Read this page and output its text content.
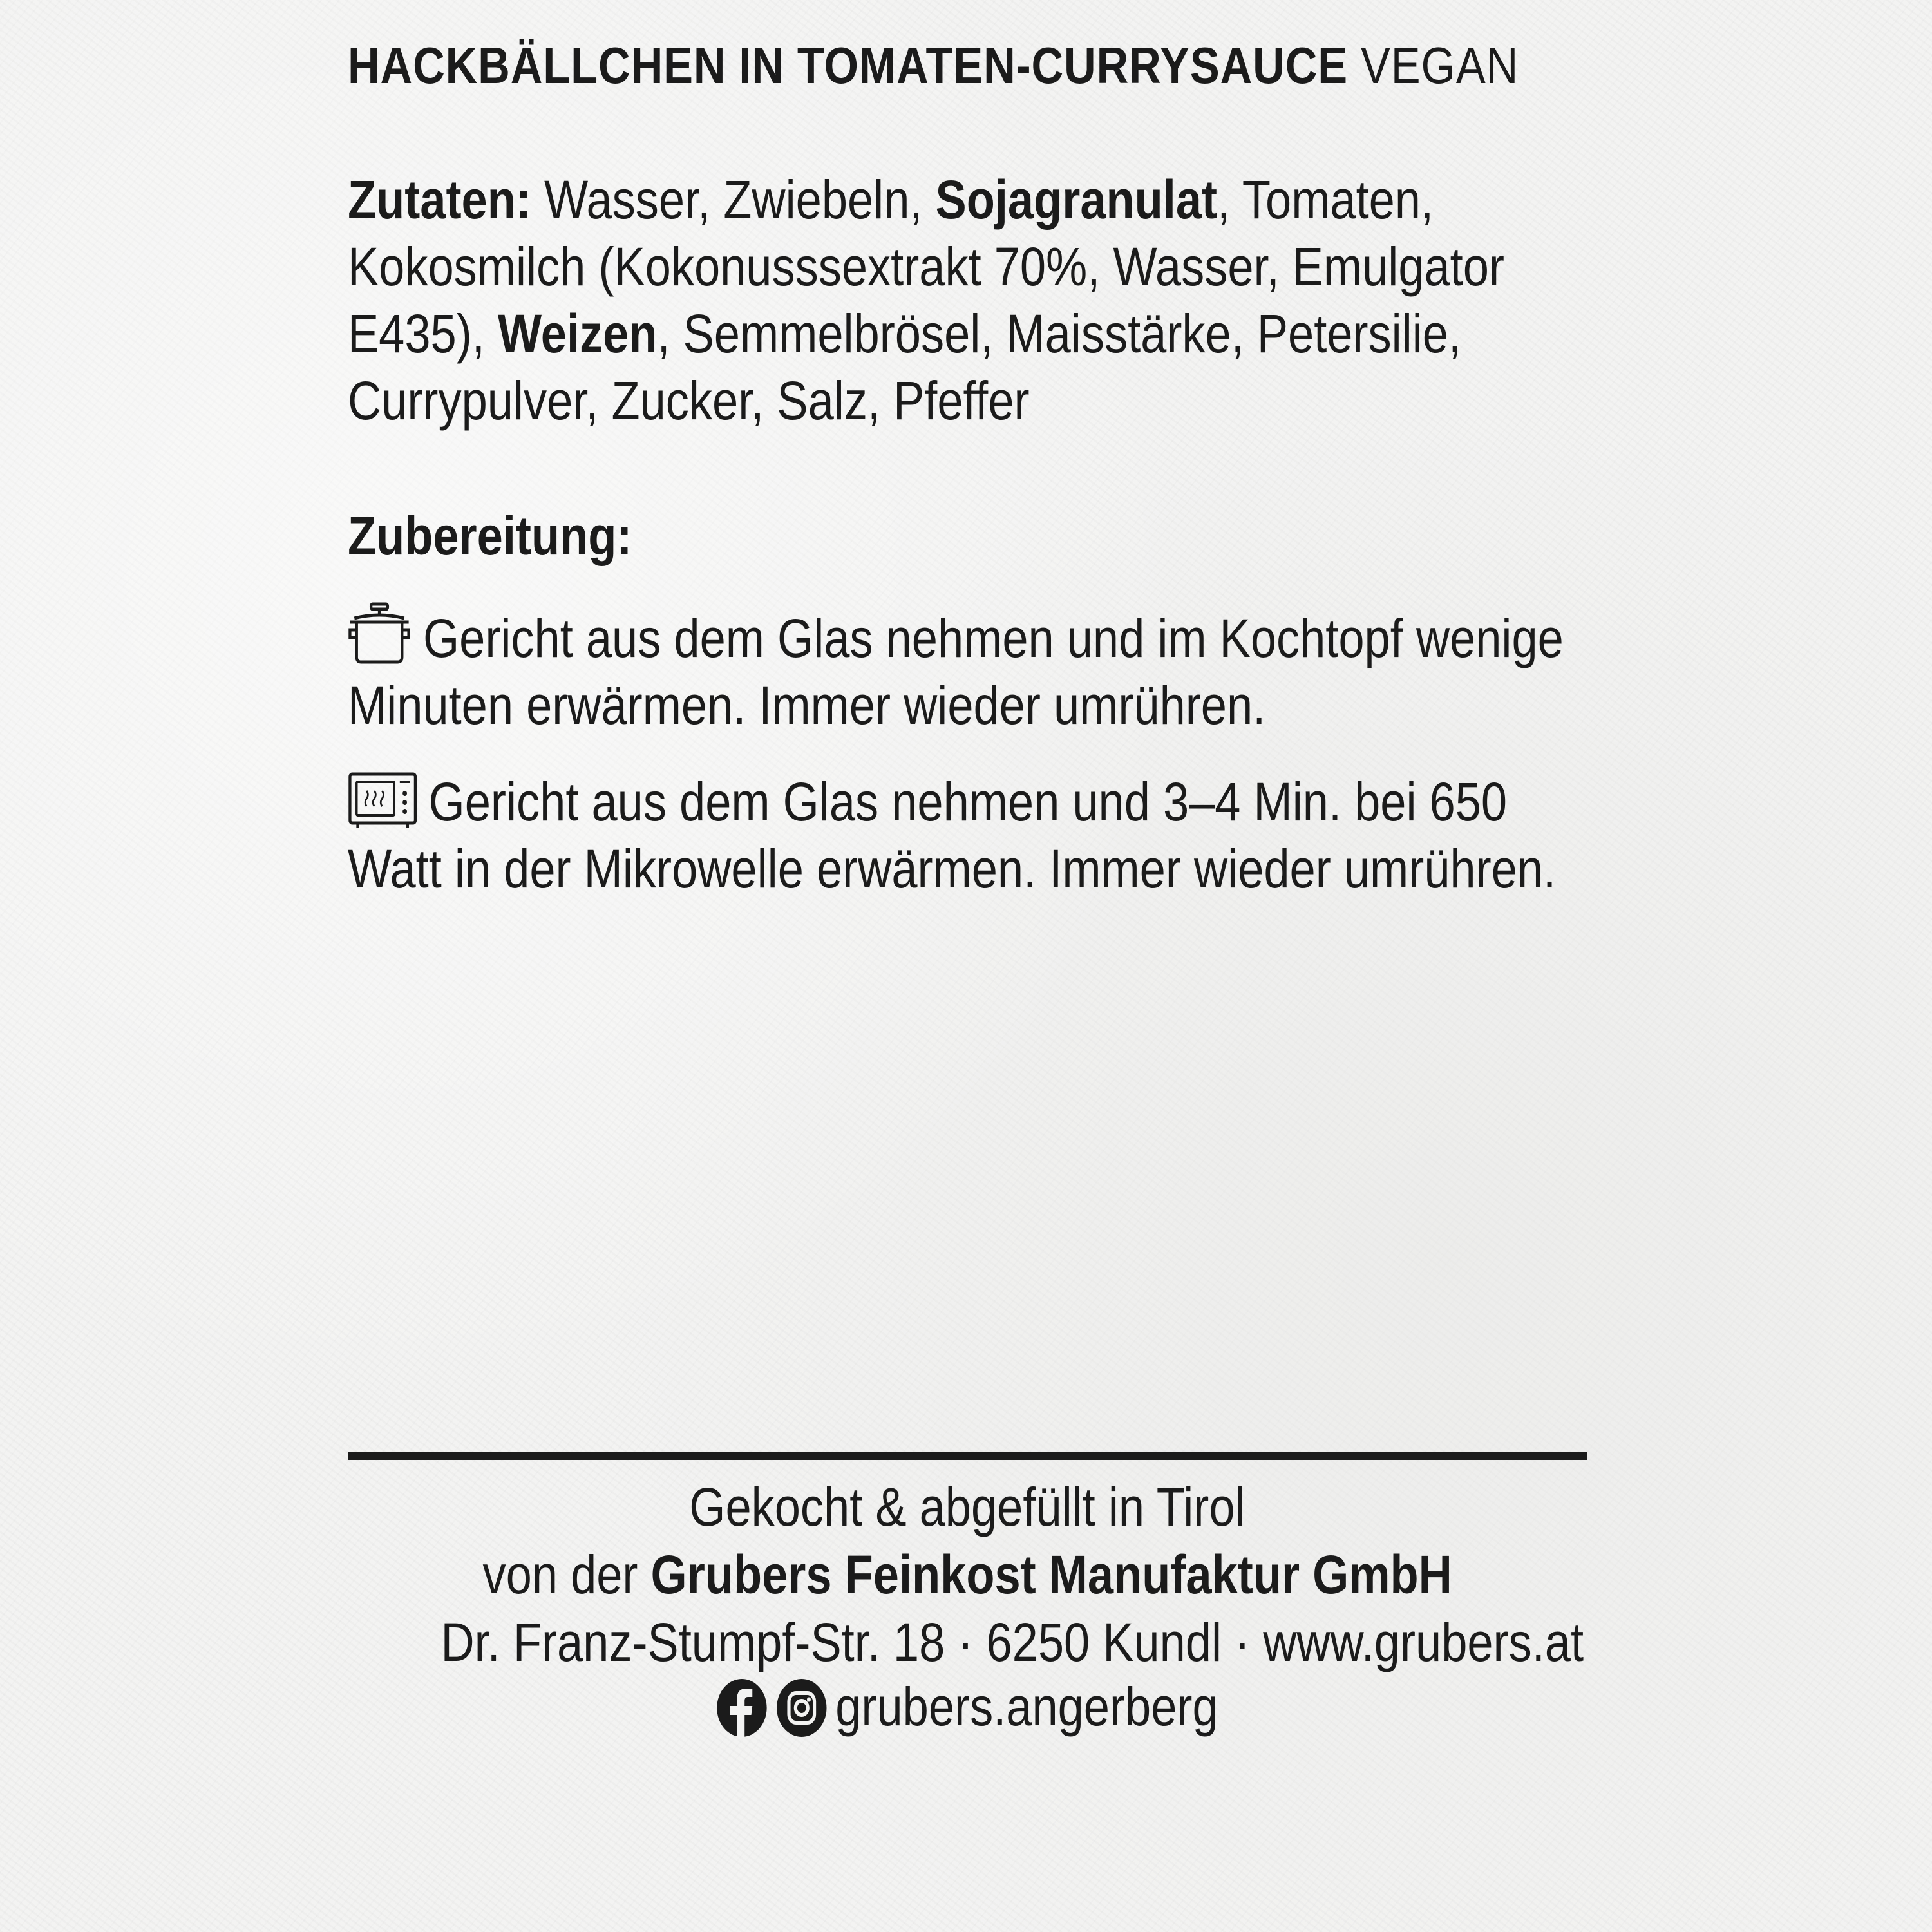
HACKBÄLLCHEN IN TOMATEN-CURRYSAUCE VEGAN

Zutaten: Wasser, Zwiebeln, Sojagranulat, Tomaten, Kokosmilch (Kokonusssextrakt 70%, Wasser, Emulgator E435), Weizen, Semmelbrösel, Maisstärke, Petersilie, Currypulver, Zucker, Salz, Pfeffer

Zubereitung:

Gericht aus dem Glas nehmen und im Kochtopf wenige Minuten erwärmen. Immer wieder umrühren.

Gericht aus dem Glas nehmen und 3–4 Min. bei 650 Watt in der Mikrowelle erwärmen. Immer wieder umrühren.

Gekocht & abgefüllt in Tirol

von der Grubers Feinkost Manufaktur GmbH

Dr. Franz-Stumpf-Str. 18 · 6250 Kundl · www.grubers.at

grubers.angerberg
